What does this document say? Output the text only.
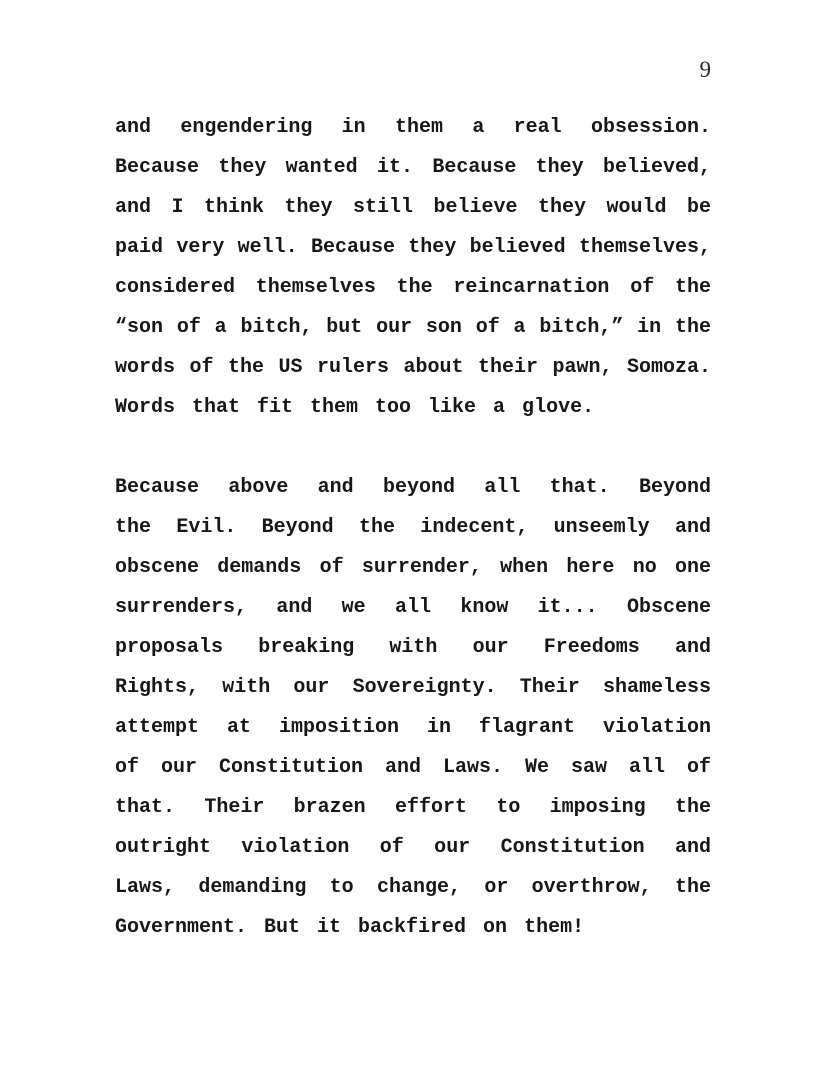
9
and engendering in them a real obsession.
Because they wanted it. Because they believed,
and I think they still believe they would be
paid very well. Because they believed themselves,
considered themselves the reincarnation of the
“son of a bitch, but our son of a bitch,” in the
words of the US rulers about their pawn, Somoza.
Words that fit them too like a glove.
Because above and beyond all that. Beyond
the Evil. Beyond the indecent, unseemly and
obscene demands of surrender, when here no one
surrenders, and we all know it... Obscene
proposals breaking with our Freedoms and
Rights, with our Sovereignty. Their shameless
attempt at imposition in flagrant violation
of our Constitution and Laws. We saw all of
that. Their brazen effort to imposing the
outright violation of our Constitution and
Laws, demanding to change, or overthrow, the
Government. But it backfired on them!
